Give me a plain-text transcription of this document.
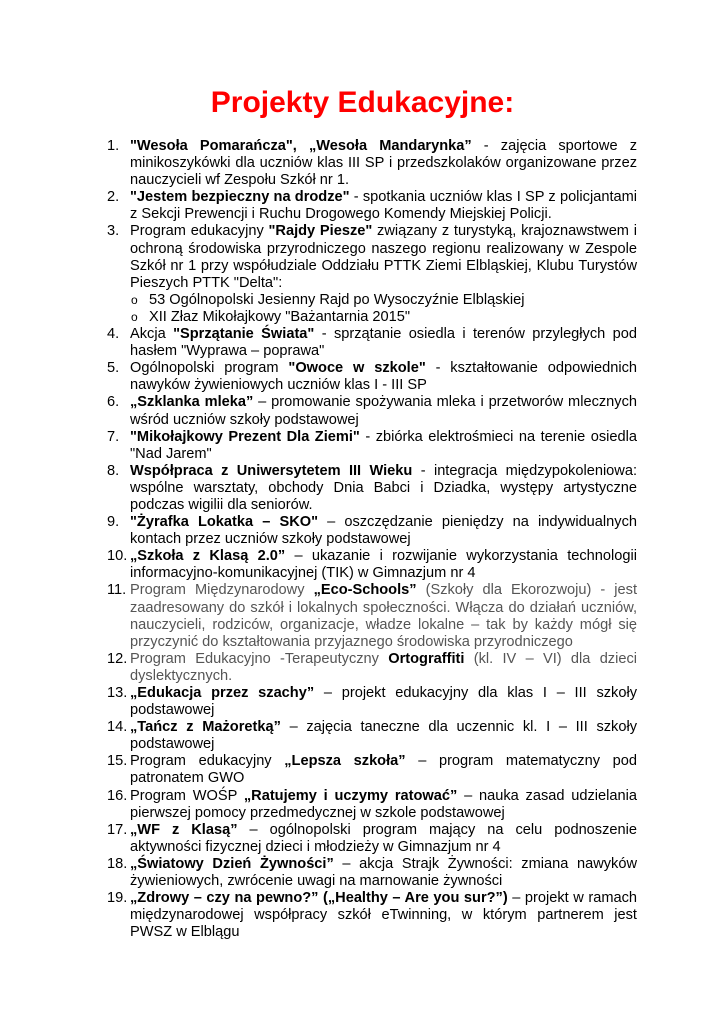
Projekty Edukacyjne:
1. "Wesoła Pomarańcza", „Wesoła Mandarynka” - zajęcia sportowe z minikoszykówki dla uczniów klas III SP i przedszkolaków organizowane przez nauczycieli wf Zespołu Szkół nr 1.
2. "Jestem bezpieczny na drodze" - spotkania uczniów klas I SP z policjantami z Sekcji Prewencji i Ruchu Drogowego Komendy Miejskiej Policji.
3. Program edukacyjny "Rajdy Piesze" związany z turystyką, krajoznawstwem i ochroną środowiska przyrodniczego naszego regionu realizowany w Zespole Szkół nr 1 przy współudziale Oddziału PTTK Ziemi Elbląskiej, Klubu Turystów Pieszych PTTK "Delta":
o 53 Ogólnopolski Jesienny Rajd po Wysoczyźnie Elbląskiej
o XII Złaz Mikołajkowy "Bażantarnia 2015"
4. Akcja "Sprzątanie Świata" - sprzątanie osiedla i terenów przyległych pod hasłem "Wyprawa – poprawa"
5. Ogólnopolski program "Owoce w szkole" - kształtowanie odpowiednich nawyków żywieniowych uczniów klas I - III SP
6. „Szklanka mleka” – promowanie spożywania mleka i przetworów mlecznych wśród uczniów szkoły podstawowej
7. "Mikołajkowy Prezent Dla Ziemi" - zbiórka elektrośmieci na terenie osiedla "Nad Jarem"
8. Współpraca z Uniwersytetem III Wieku - integracja międzypokoleniowa: wspólne warsztaty, obchody Dnia Babci i Dziadka, występy artystyczne podczas wigilii dla seniorów.
9. "Żyrafka Lokatka – SKO" – oszczędzanie pieniędzy na indywidualnych kontach przez uczniów szkoły podstawowej
10. „Szkoła z Klasą 2.0” – ukazanie i rozwijanie wykorzystania technologii informacyjno-komunikacyjnej (TIK) w Gimnazjum nr 4
11. Program Międzynarodowy „Eco-Schools” (Szkoły dla Ekorozwoju) - jest zaadresowany do szkół i lokalnych społeczności. Włącza do działań uczniów, nauczycieli, rodziców, organizacje, władze lokalne – tak by każdy mógł się przyczynić do kształtowania przyjaznego środowiska przyrodniczego
12. Program Edukacyjno -Terapeutyczny Ortograffiti (kl. IV – VI) dla dzieci dyslektycznych.
13. „Edukacja przez szachy” – projekt edukacyjny dla klas I – III szkoły podstawowej
14. „Tańcz z Mażoretką” – zajęcia taneczne dla uczennic kl. I – III szkoły podstawowej
15. Program edukacyjny „Lepsza szkoła” – program matematyczny pod patronatem GWO
16. Program WOŚP „Ratujemy i uczymy ratować” – nauka zasad udzielania pierwszej pomocy przedmedycznej w szkole podstawowej
17. „WF z Klasą” – ogólnopolski program mający na celu podnoszenie aktywności fizycznej dzieci i młodzieży w Gimnazjum nr 4
18. „Światowy Dzień Żywności” – akcja Strajk Żywności: zmiana nawyków żywieniowych, zwrócenie uwagi na marnowanie żywności
19. „Zdrowy – czy na pewno?” („Healthy – Are you sur?”) – projekt w ramach międzynarodowej współpracy szkół eTwinning, w którym partnerem jest PWSZ w Elblągu
